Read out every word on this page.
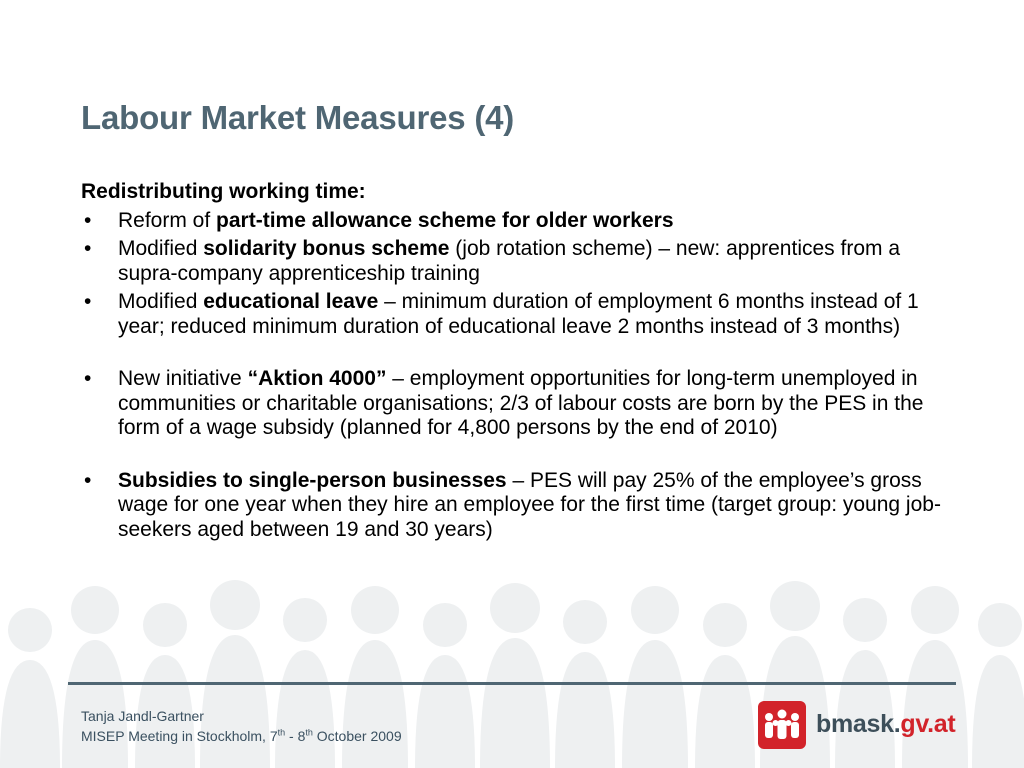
Labour Market Measures (4)
Redistributing working time:
• Reform of part-time allowance scheme for older workers
• Modified solidarity bonus scheme (job rotation scheme) – new: apprentices from a supra-company apprenticeship training
• Modified educational leave – minimum duration of employment 6 months instead of 1 year; reduced minimum duration of educational leave 2 months instead of 3 months)
• New initiative “Aktion 4000” – employment opportunities for long-term unemployed in communities or charitable organisations; 2/3 of labour costs are born by the PES in the form of a wage subsidy (planned for 4,800 persons by the end of 2010)
• Subsidies to single-person businesses – PES will pay 25% of the employee’s gross wage for one year when they hire an employee for the first time (target group: young job-seekers aged between 19 and 30 years)
Tanja Jandl-Gartner
MISEP Meeting in Stockholm, 7th - 8th October 2009	bmask.gv.at
